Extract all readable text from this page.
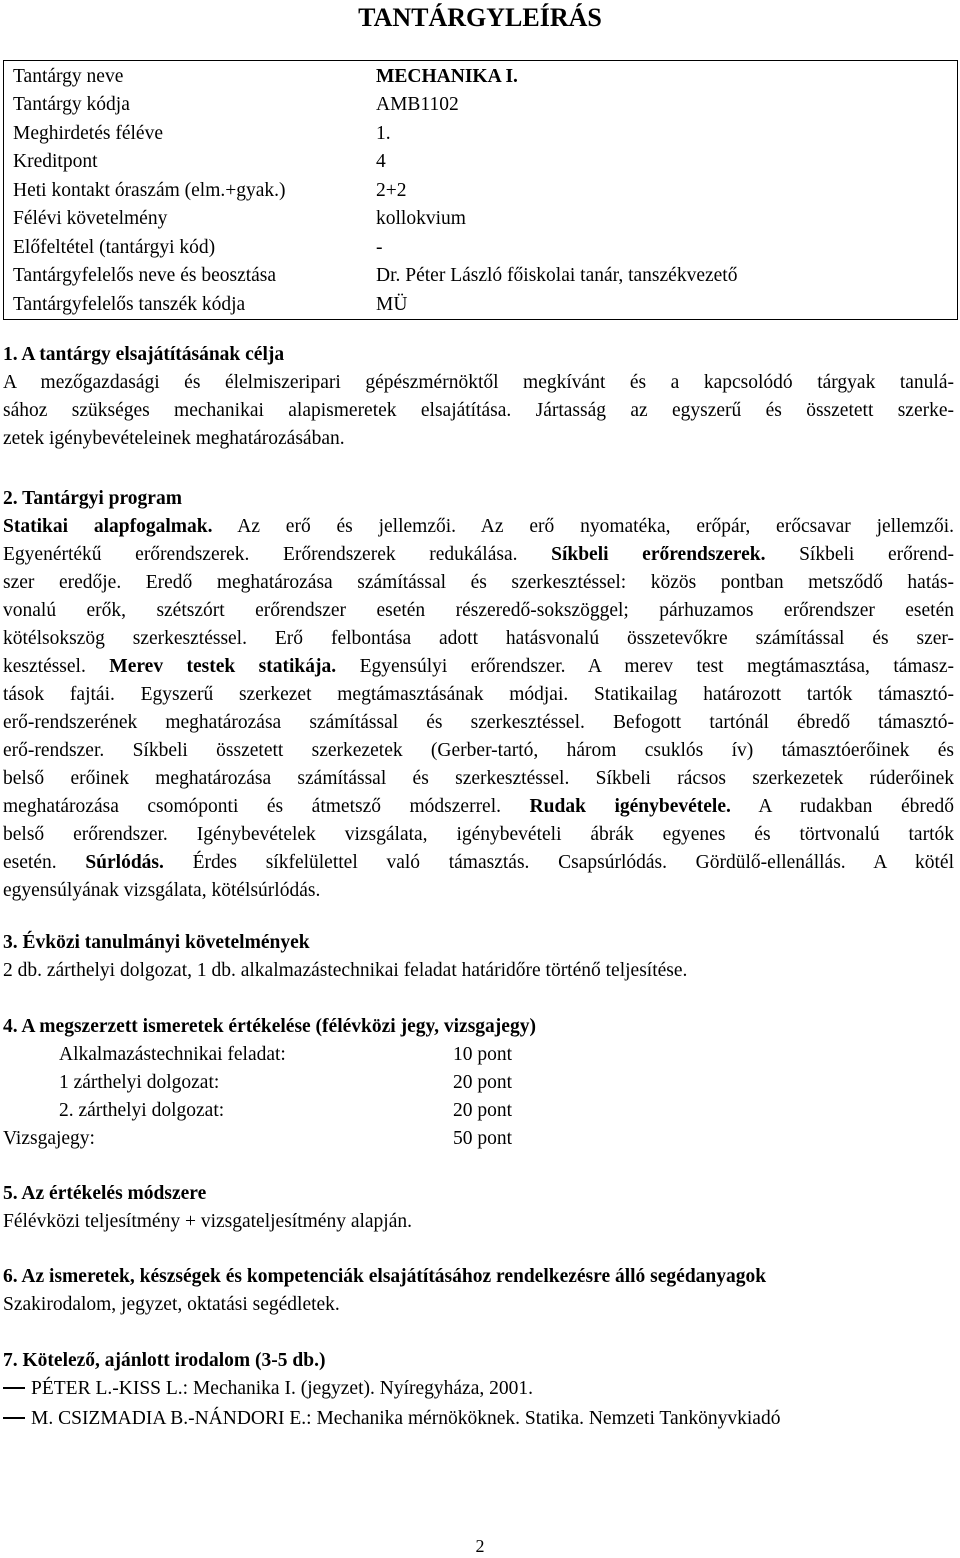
TANTÁRGYLEÍRÁS
Tantárgy neve	MECHANIKA I.
Tantárgy kódja	AMB1102
Meghirdetés féléve	1.
Kreditpont	4
Heti kontakt óraszám (elm.+gyak.)	2+2
Félévi követelmény	kollokvium
Előfeltétel (tantárgyi kód)	-
Tantárgyfelelős neve és beosztása	Dr. Péter László főiskolai tanár, tanszékvezető
Tantárgyfelelős tanszék kódja	MÜ
1. A tantárgy elsajátításának célja
A mezőgazdasági és élelmiszeripari gépészmérnöktől megkívánt és a kapcsolódó tárgyak tanulá-
sához szükséges mechanikai alapismeretek elsajátítása. Jártasság az egyszerű és összetett szerke-
zetek igénybevételeinek meghatározásában.
2. Tantárgyi program
Statikai alapfogalmak. Az erő és jellemzői. Az erő nyomatéka, erőpár, erőcsavar jellemzői.
Egyenértékű erőrendszerek. Erőrendszerek redukálása. Síkbeli erőrendszerek. Síkbeli erőrend-
szer eredője. Eredő meghatározása számítással és szerkesztéssel: közös pontban metsződő hatás-
vonalú erők, szétszórt erőrendszer esetén részeredő-sokszöggel; párhuzamos erőrendszer esetén
kötélsokszög szerkesztéssel. Erő felbontása adott hatásvonalú összetevőkre számítással és szer-
kesztéssel. Merev testek statikája. Egyensúlyi erőrendszer. A merev test megtámasztása, támasz-
tások fajtái. Egyszerű szerkezet megtámasztásának módjai. Statikailag határozott tartók támasztó-
erő-rendszerének meghatározása számítással és szerkesztéssel. Befogott tartónál ébredő támasztó-
erő-rendszer. Síkbeli összetett szerkezetek (Gerber-tartó, három csuklós ív) támasztóerőinek és
belső erőinek meghatározása számítással és szerkesztéssel. Síkbeli rácsos szerkezetek rúderőinek
meghatározása csomóponti és átmetsző módszerrel. Rudak igénybevétele. A rudakban ébredő
belső erőrendszer. Igénybevételek vizsgálata, igénybevételi ábrák egyenes és törtvonalú tartók
esetén. Súrlódás. Érdes síkfelülettel való támasztás. Csapsúrlódás. Gördülő-ellenállás. A kötél
egyensúlyának vizsgálata, kötélsúrlódás.
3. Évközi tanulmányi követelmények
2 db. zárthelyi dolgozat, 1 db. alkalmazástechnikai feladat határidőre történő teljesítése.
4. A megszerzett ismeretek értékelése (félévközi jegy, vizsgajegy)
Alkalmazástechnikai feladat:	10 pont
1 zárthelyi dolgozat:	20 pont
2. zárthelyi dolgozat:	20 pont
Vizsgajegy:	50 pont
5. Az értékelés módszere
Félévközi teljesítmény + vizsgateljesítmény alapján.
6. Az ismeretek, készségek és kompetenciák elsajátításához rendelkezésre álló segédanyagok
Szakirodalom, jegyzet, oktatási segédletek.
7. Kötelező, ajánlott irodalom (3-5 db.)
PÉTER L.-KISS L.: Mechanika I. (jegyzet). Nyíregyháza, 2001.
M. CSIZMADIA B.-NÁNDORI E.: Mechanika mérnököknek. Statika. Nemzeti Tankönyvkiadó
2
